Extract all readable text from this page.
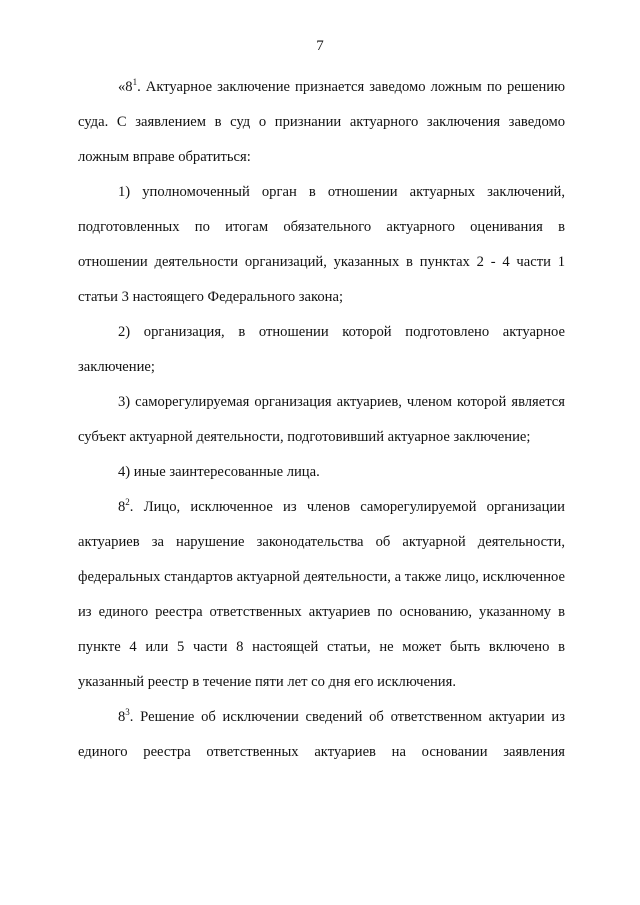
7

«$8^1$. Актуарное заключение признается заведомо ложным по решению суда. С заявлением в суд о признании актуарного заключения заведомо ложным вправе обратиться:

1) уполномоченный орган в отношении актуарных заключений, подготовленных по итогам обязательного актуарного оценивания в отношении деятельности организаций, указанных в пунктах 2 - 4 части 1 статьи 3 настоящего Федерального закона;

2) организация, в отношении которой подготовлено актуарное заключение;

3) саморегулируемая организация актуариев, членом которой является субъект актуарной деятельности, подготовивший актуарное заключение;

4) иные заинтересованные лица.

$8^2$. Лицо, исключенное из членов саморегулируемой организации актуариев за нарушение законодательства об актуарной деятельности, федеральных стандартов актуарной деятельности, а также лицо, исключенное из единого реестра ответственных актуариев по основанию, указанному в пункте 4 или 5 части 8 настоящей статьи, не может быть включено в указанный реестр в течение пяти лет со дня его исключения.

$8^3$. Решение об исключении сведений об ответственном актуарии из единого реестра ответственных актуариев на основании заявления
